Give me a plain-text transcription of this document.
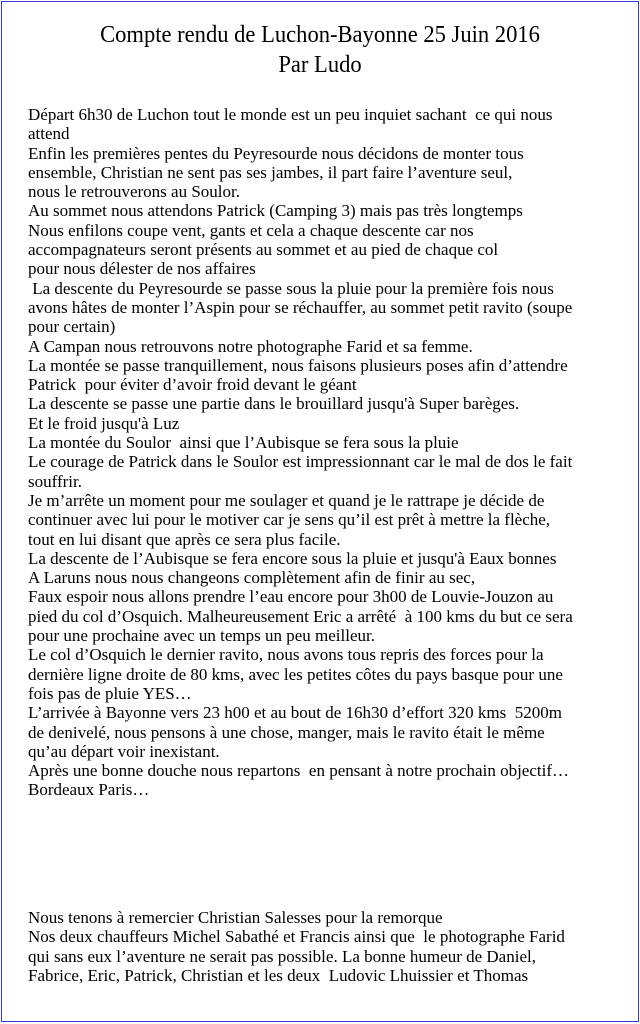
Compte rendu de Luchon-Bayonne 25 Juin 2016
Par Ludo

Départ 6h30 de Luchon tout le monde est un peu inquiet sachant  ce qui nous

attend

Enfin les premières pentes du Peyresourde nous décidons de monter tous

ensemble, Christian ne sent pas ses jambes, il part faire l’aventure seul,

nous le retrouverons au Soulor.

Au sommet nous attendons Patrick (Camping 3) mais pas très longtemps

Nous enfilons coupe vent, gants et cela a chaque descente car nos

accompagnateurs seront présents au sommet et au pied de chaque col

pour nous délester de nos affaires

La descente du Peyresourde se passe sous la pluie pour la première fois nous

avons hâtes de monter l’Aspin pour se réchauffer, au sommet petit ravito (soupe

pour certain)

A Campan nous retrouvons notre photographe Farid et sa femme.

La montée se passe tranquillement, nous faisons plusieurs poses afin d’attendre

Patrick  pour éviter d’avoir froid devant le géant

La descente se passe une partie dans le brouillard jusqu'à Super barèges.

Et le froid jusqu'à Luz

La montée du Soulor  ainsi que l’Aubisque se fera sous la pluie

Le courage de Patrick dans le Soulor est impressionnant car le mal de dos le fait

souffrir.

Je m’arrête un moment pour me soulager et quand je le rattrape je décide de

continuer avec lui pour le motiver car je sens qu’il est prêt à mettre la flèche,

tout en lui disant que après ce sera plus facile.

La descente de l’Aubisque se fera encore sous la pluie et jusqu'à Eaux bonnes

A Laruns nous nous changeons complètement afin de finir au sec,

Faux espoir nous allons prendre l’eau encore pour 3h00 de Louvie-Jouzon au

pied du col d’Osquich. Malheureusement Eric a arrêté  à 100 kms du but ce sera

pour une prochaine avec un temps un peu meilleur.

Le col d’Osquich le dernier ravito, nous avons tous repris des forces pour la

dernière ligne droite de 80 kms, avec les petites côtes du pays basque pour une

fois pas de pluie YES…

L’arrivée à Bayonne vers 23 h00 et au bout de 16h30 d’effort 320 kms  5200m

de denivelé, nous pensons à une chose, manger, mais le ravito était le même

qu’au départ voir inexistant.

Après une bonne douche nous repartons  en pensant à notre prochain objectif…

Bordeaux Paris…

Nous tenons à remercier Christian Salesses pour la remorque

Nos deux chauffeurs Michel Sabathé et Francis ainsi que  le photographe Farid

qui sans eux l’aventure ne serait pas possible. La bonne humeur de Daniel,

Fabrice, Eric, Patrick, Christian et les deux  Ludovic Lhuissier et Thomas
